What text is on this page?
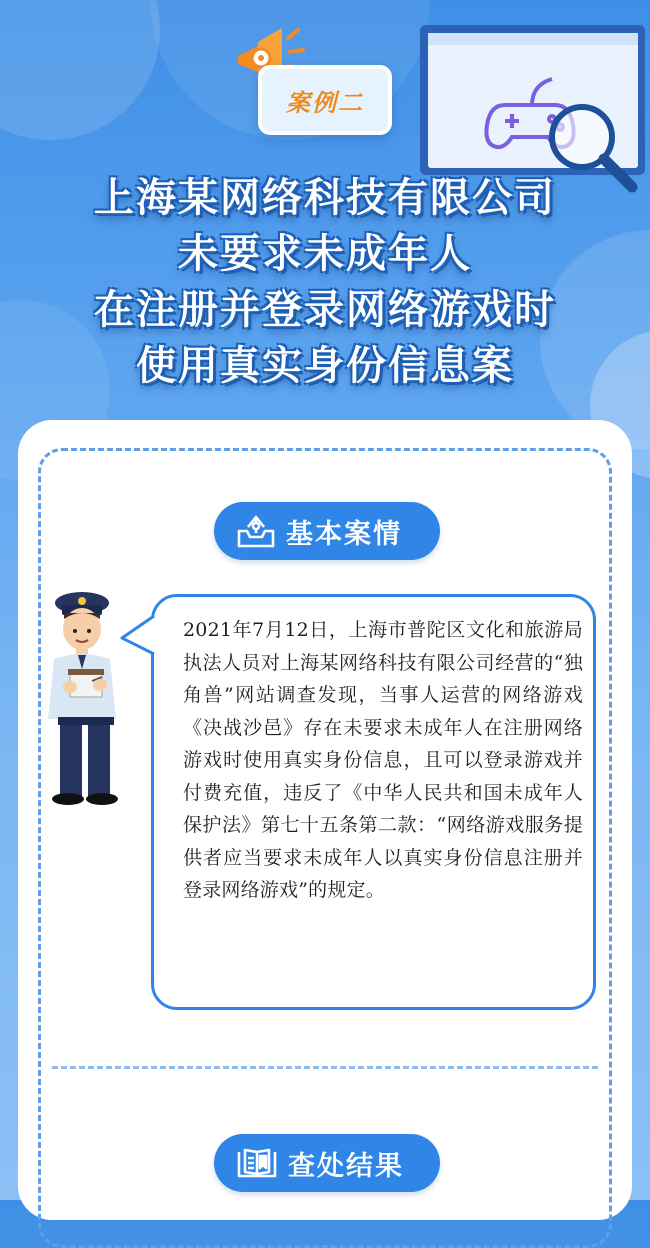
案例二
上海某网络科技有限公司
未要求未成年人
在注册并登录网络游戏时
使用真实身份信息案
基本案情
2021年7月12日，上海市普陀区文化和旅游局执法人员对上海某网络科技有限公司经营的“独角兽”网站调查发现，当事人运营的网络游戏《决战沙邑》存在未要求未成年人在注册网络游戏时使用真实身份信息，且可以登录游戏并付费充值，违反了《中华人民共和国未成年人保护法》第七十五条第二款：“网络游戏服务提供者应当要求未成年人以真实身份信息注册并登录网络游戏”的规定。
查处结果
